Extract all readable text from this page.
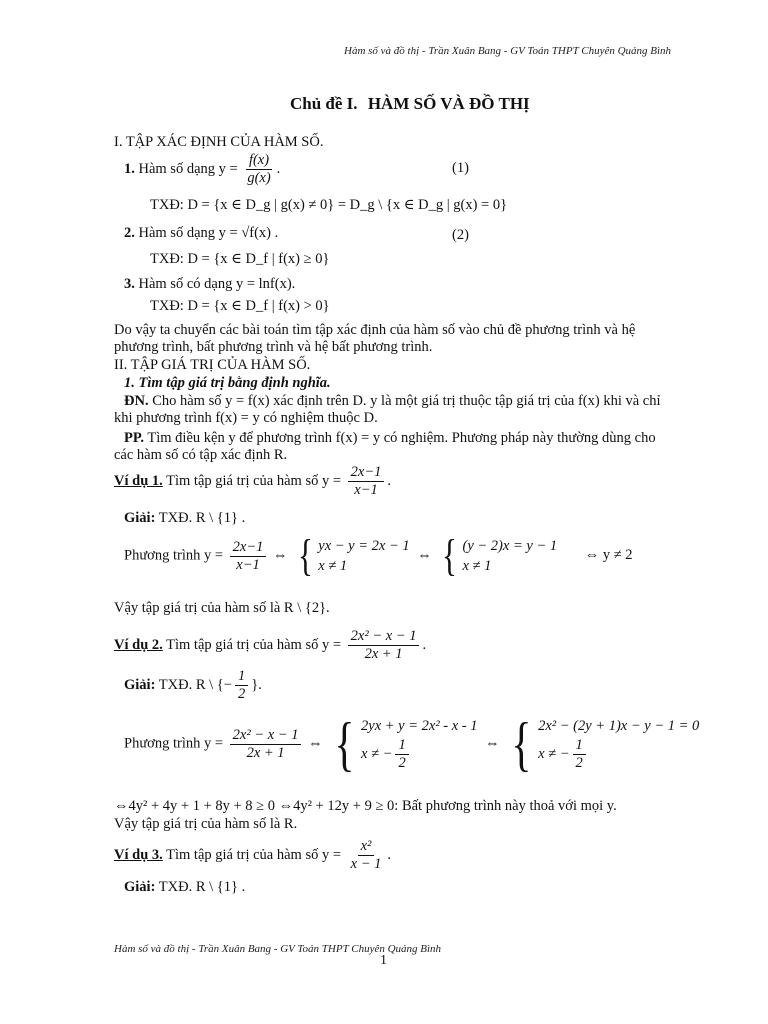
Hàm số và đồ thị - Trần Xuân Bang - GV Toán THPT Chuyên Quảng Bình
Chủ đề I. HÀM SỐ VÀ ĐỒ THỊ
I. TẬP XÁC ĐỊNH CỦA HÀM SỐ.
1. Hàm số dạng $y = \frac{f(x)}{g(x)}$ .	(1)
TXĐ: D = {x ∈ D_g | g(x) ≠ 0} = D_g \ {x ∈ D_g | g(x) = 0}
2. Hàm số dạng y = √f(x) .	(2)
TXĐ: D = {x ∈ D_f | f(x) ≥ 0}
3. Hàm số có dạng y = lnf(x).
TXĐ: D = {x ∈ D_f | f(x) > 0}
Do vậy ta chuyển các bài toán tìm tập xác định của hàm số vào chủ đề phương trình và hệ
phương trình, bất phương trình và hệ bất phương trình.
II. TẬP GIÁ TRỊ CỦA HÀM SỐ.
1. Tìm tập giá trị bằng định nghĩa.
ĐN. Cho hàm số y = f(x) xác định trên D. y là một giá trị thuộc tập giá trị của f(x) khi và chỉ
khi phương trình f(x) = y có nghiệm thuộc D.
PP. Tìm điều kện y để phương trình f(x) = y có nghiệm. Phương pháp này thường dùng cho
các hàm số có tập xác định R.
Ví dụ 1. Tìm tập giá trị của hàm số $y = \frac{2x-1}{x-1}$ .
Giải: TXĐ. R \ {1} .
Phương trình $y = \frac{2x-1}{x-1}$ ⇔ { yx − y = 2x − 1
x ≠ 1
⇔ { (y − 2)x = y − 1
x ≠ 1
⇔ y ≠ 2
Vậy tập giá trị của hàm số là R \ {2}.
Ví dụ 2. Tìm tập giá trị của hàm số $y = \frac{\text{2x² − x − 1}}{2x + 1}$ .
Giải: TXĐ. R \ {− $\frac{1}{2}$ }.
Phương trình $y = \frac{\text{2x² − x − 1}}{2x + 1}$ ⇔ { 2yx + y = 2x² - x - 1
x ≠ − $\frac{1}{2}$	⇔ { 2x² − (2y + 1)x − y − 1 = 0
x ≠ − $\frac{1}{2}$
⇔4y² + 4y + 1 + 8y + 8 ≥ 0 ⇔4y² + 12y + 9 ≥ 0: Bất phương trình này thoả với mọi y.
Vậy tập giá trị của hàm số là R.
Ví dụ 3. Tìm tập giá trị của hàm số $y = \frac{\text{x²}}{x - 1}$ .
Giải: TXĐ. R \ {1} .
Hàm số và đồ thị - Trần Xuân Bang - GV Toán THPT Chuyên Quảng Bình
1
